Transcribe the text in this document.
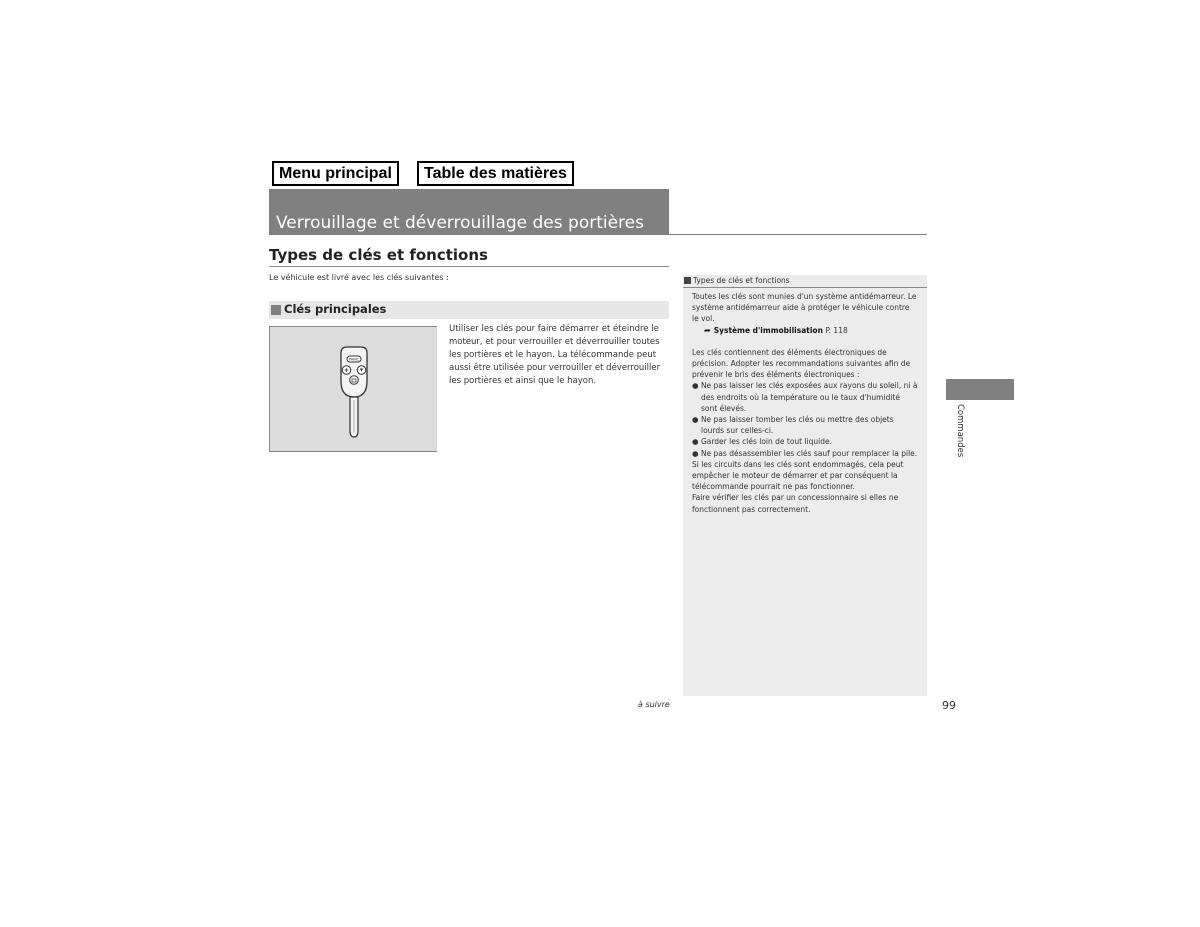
Menu principal	Table des matières
Verrouillage et déverrouillage des portières
Types de clés et fonctions
Le véhicule est livré avec les clés suivantes :
Clés principales
PANIC
Utiliser les clés pour faire démarrer et éteindre le moteur, et pour verrouiller et déverrouiller toutes les portières et le hayon. La télécommande peut aussi être utilisée pour verrouiller et déverrouiller les portières et ainsi que le hayon.
Types de clés et fonctions

Toutes les clés sont munies d'un système antidémarreur. Le système antidémarreur aide à protéger le véhicule contre le vol.

➦ Système d'immobilisation P. 118

Les clés contiennent des éléments électroniques de précision. Adopter les recommandations suivantes afin de prévenir le bris des éléments électroniques :

● Ne pas laisser les clés exposées aux rayons du soleil, ni à des endroits où la température ou le taux d'humidité sont élevés.

● Ne pas laisser tomber les clés ou mettre des objets lourds sur celles-ci.

● Garder les clés loin de tout liquide.

● Ne pas désassembler les clés sauf pour remplacer la pile.

Si les circuits dans les clés sont endommagés, cela peut empêcher le moteur de démarrer et par conséquent la télécommande pourrait ne pas fonctionner.

Faire vérifier les clés par un concessionnaire si elles ne fonctionnent pas correctement.

Commandes
à suivre	99
